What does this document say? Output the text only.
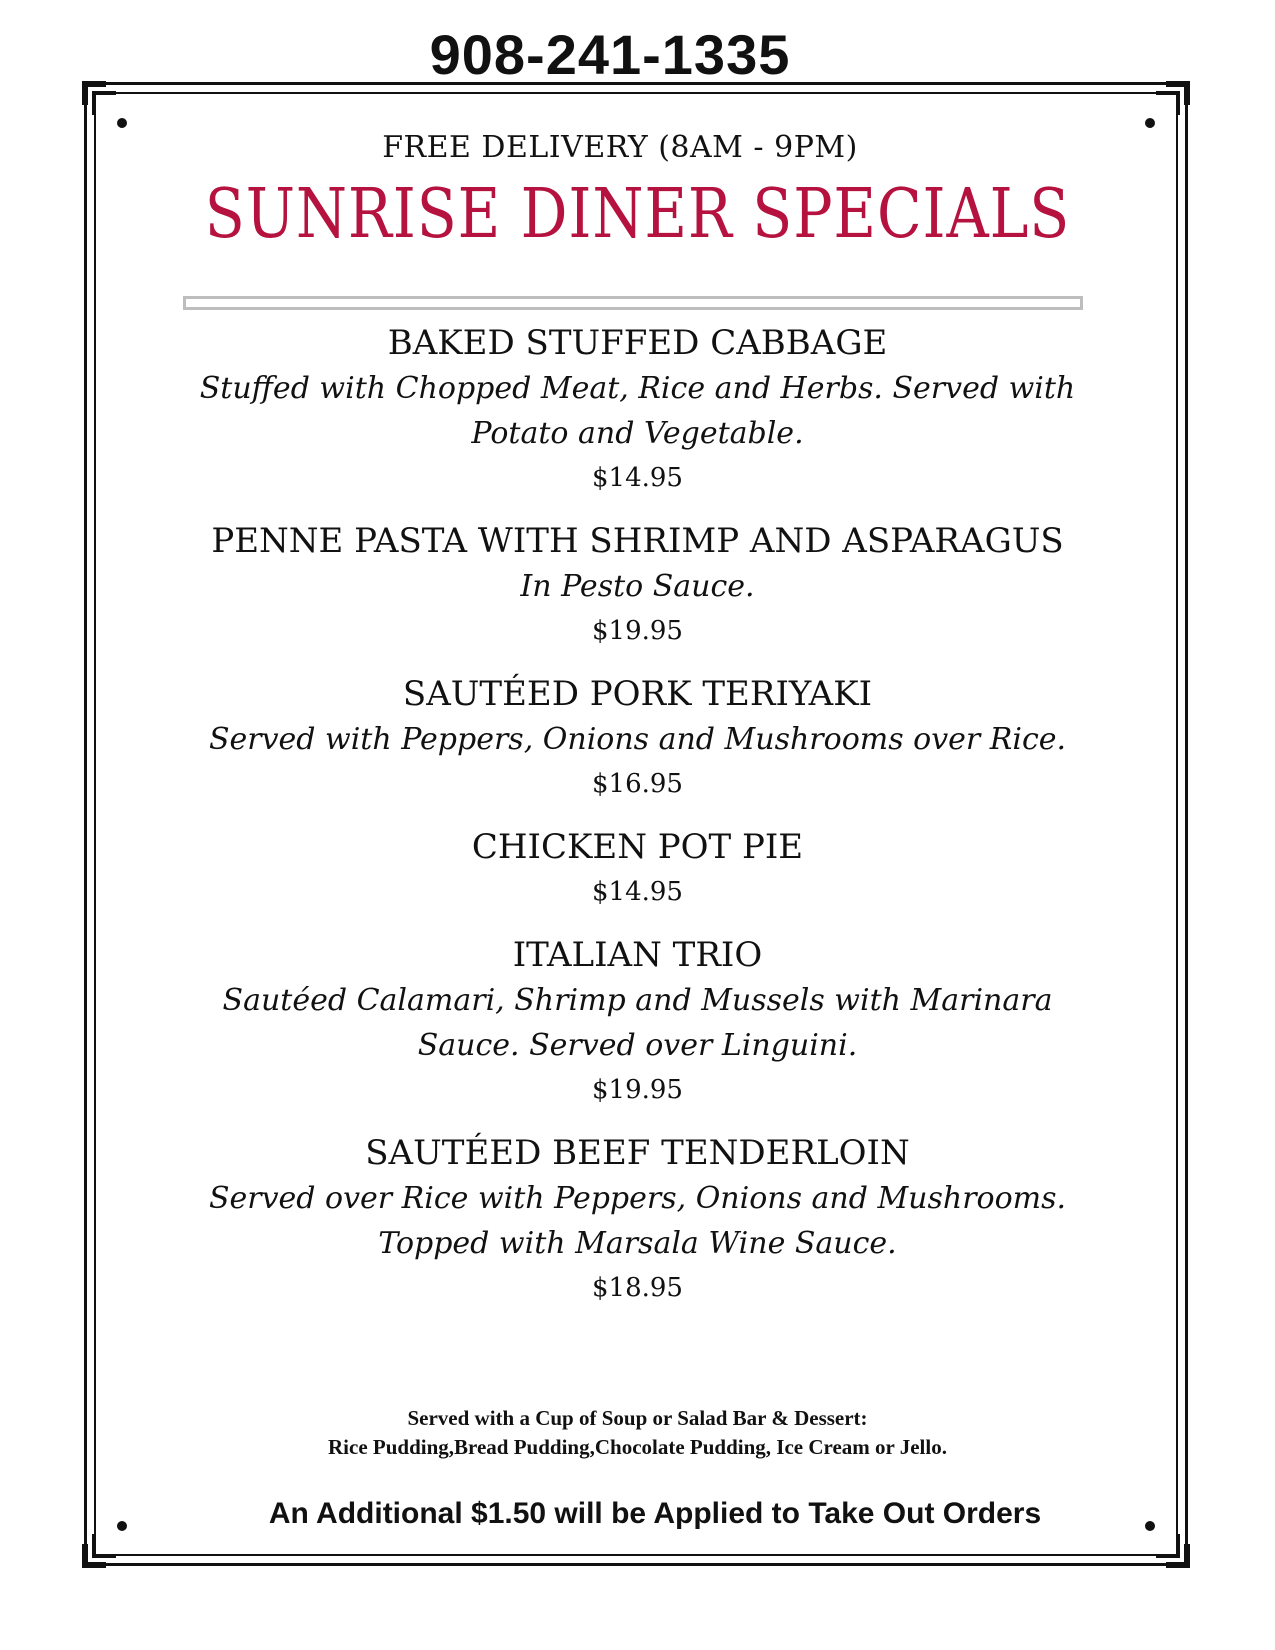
908-241-1335
FREE DELIVERY (8AM - 9PM)
SUNRISE DINER SPECIALS
BAKED STUFFED CABBAGE
Stuffed with Chopped Meat, Rice and Herbs. Served with Potato and Vegetable.
$14.95
PENNE PASTA WITH SHRIMP AND ASPARAGUS
In Pesto Sauce.
$19.95
SAUTÉED PORK TERIYAKI
Served with Peppers, Onions and Mushrooms over Rice.
$16.95
CHICKEN POT PIE
$14.95
ITALIAN TRIO
Sautéed Calamari, Shrimp and Mussels with Marinara Sauce. Served over Linguini.
$19.95
SAUTÉED BEEF TENDERLOIN
Served over Rice with Peppers, Onions and Mushrooms. Topped with Marsala Wine Sauce.
$18.95
Served with a Cup of Soup or Salad Bar & Dessert:
Rice Pudding,Bread Pudding,Chocolate Pudding, Ice Cream or Jello.
An Additional $1.50 will be Applied to Take Out Orders
